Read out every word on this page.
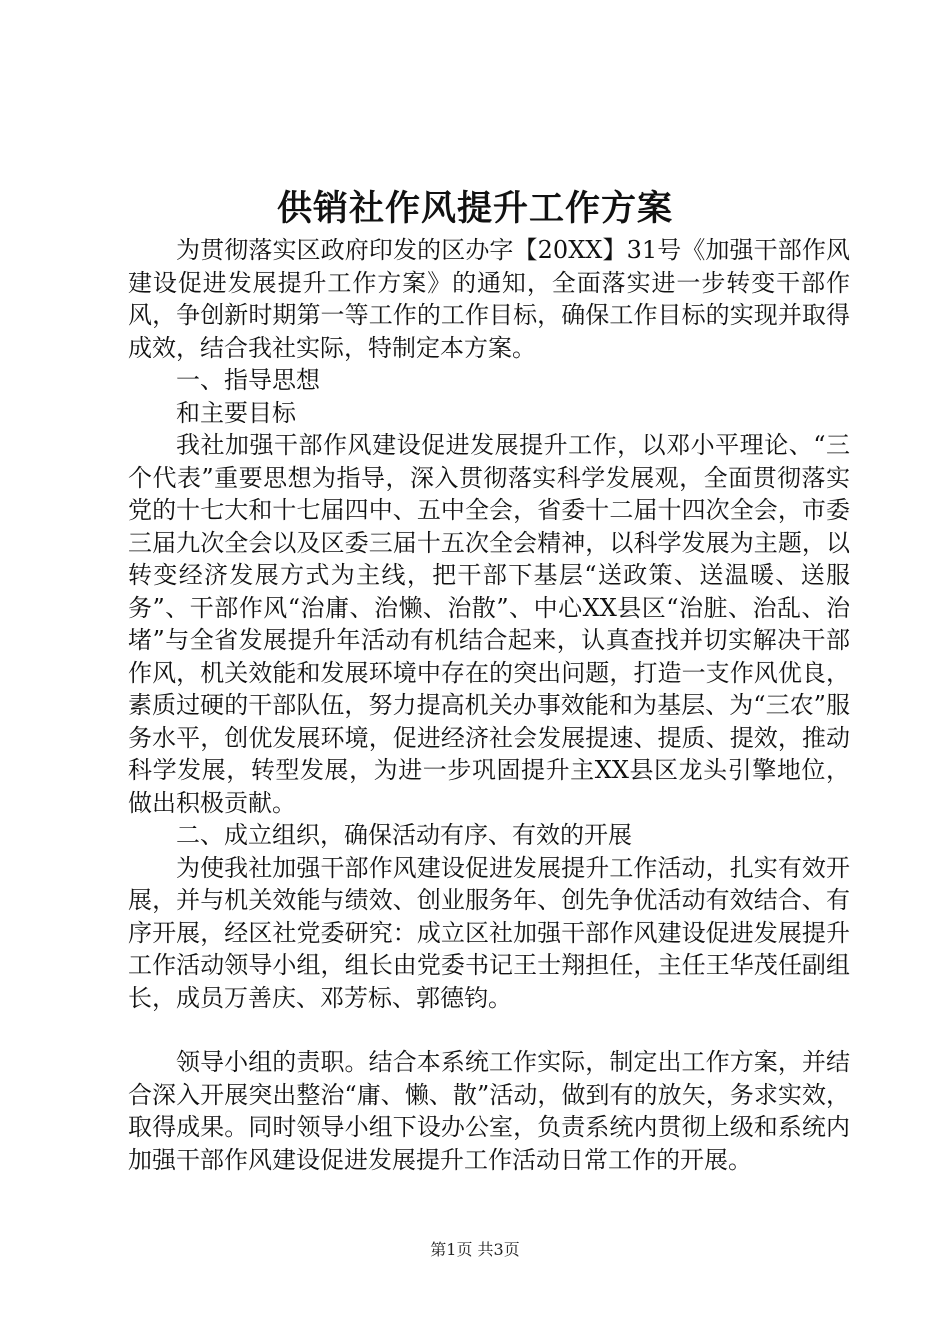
供销社作风提升工作方案

为贯彻落实区政府印发的区办字【20XX】31号《加强干部作风建设促进发展提升工作方案》的通知，全面落实进一步转变干部作风，争创新时期第一等工作的工作目标，确保工作目标的实现并取得成效，结合我社实际，特制定本方案。

一、指导思想

和主要目标

我社加强干部作风建设促进发展提升工作，以邓小平理论、“三个代表”重要思想为指导，深入贯彻落实科学发展观，全面贯彻落实党的十七大和十七届四中、五中全会，省委十二届十四次全会，市委三届九次全会以及区委三届十五次全会精神，以科学发展为主题，以转变经济发展方式为主线，把干部下基层“送政策、送温暖、送服务”、干部作风“治庸、治懒、治散”、中心XX县区“治脏、治乱、治堵”与全省发展提升年活动有机结合起来，认真查找并切实解决干部作风，机关效能和发展环境中存在的突出问题，打造一支作风优良，素质过硬的干部队伍，努力提高机关办事效能和为基层、为“三农”服务水平，创优发展环境，促进经济社会发展提速、提质、提效，推动科学发展，转型发展，为进一步巩固提升主XX县区龙头引擎地位，做出积极贡献。

二、成立组织，确保活动有序、有效的开展

为使我社加强干部作风建设促进发展提升工作活动，扎实有效开展，并与机关效能与绩效、创业服务年、创先争优活动有效结合、有序开展，经区社党委研究：成立区社加强干部作风建设促进发展提升工作活动领导小组，组长由党委书记王士翔担任，主任王华茂任副组长，成员万善庆、邓芳标、郭德钧。

领导小组的责职。结合本系统工作实际，制定出工作方案，并结合深入开展突出整治“庸、懒、散”活动，做到有的放矢，务求实效，取得成果。同时领导小组下设办公室，负责系统内贯彻上级和系统内加强干部作风建设促进发展提升工作活动日常工作的开展。

第1页 共3页
